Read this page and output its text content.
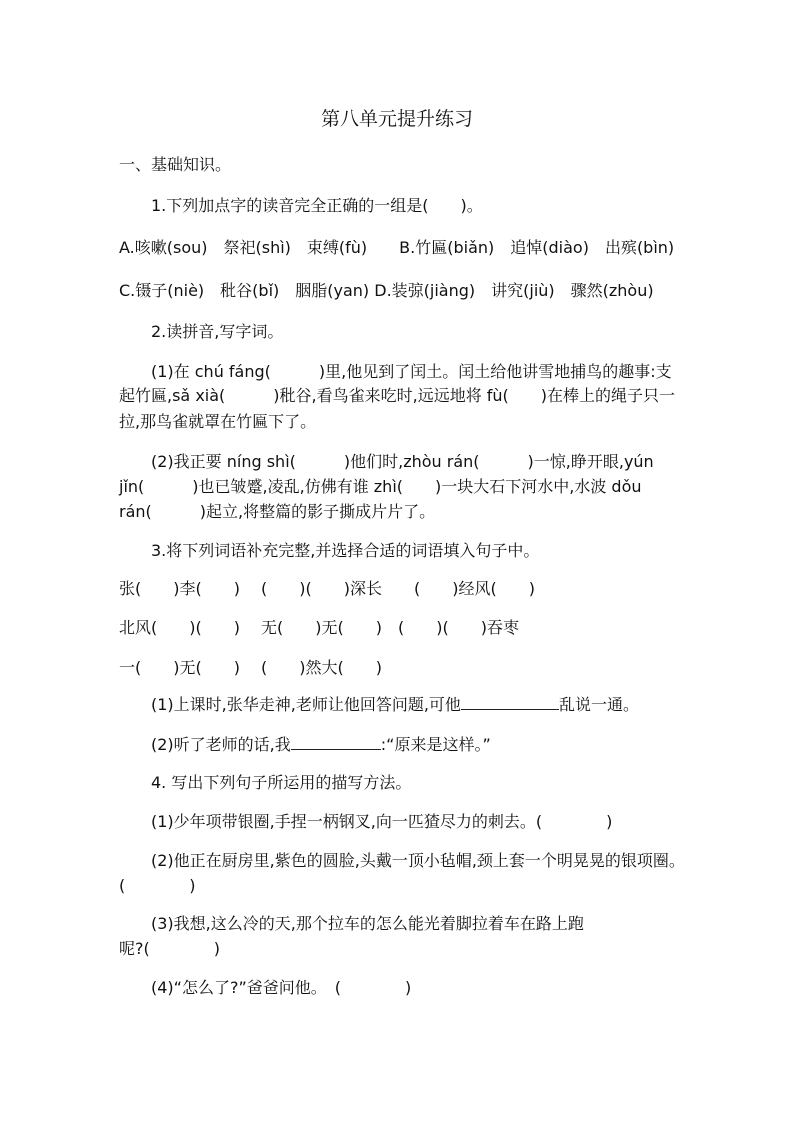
第八单元提升练习
一、基础知识。
1.下列加点字的读音完全正确的一组是(　　)。
A.咳嗽(sou)　祭祀(shì)　束缚(fù)　　B.竹匾(biǎn)　追悼(diào)　出殡(bìn)
C.镊子(niè)　秕谷(bǐ)　胭脂(yan) D.装弶(jiàng)　讲究(jiù)　骤然(zhòu)
2.读拼音,写字词。
(1)在 chú fáng(　　　)里,他见到了闰土。闰土给他讲雪地捕鸟的趣事:支
起竹匾,sǎ xià(　　　)秕谷,看鸟雀来吃时,远远地将 fù(　　)在棒上的绳子只一
拉,那鸟雀就罩在竹匾下了。
(2)我正要 níng shì(　　　)他们时,zhòu rán(　　　)一惊,睁开眼,yún
jǐn(　　　)也已皱蹙,凌乱,仿佛有谁 zhì(　　)一块大石下河水中,水波 dǒu
rán(　　　)起立,将整篇的影子撕成片片了。
3.将下列词语补充完整,并选择合适的词语填入句子中。
张(　　)李(　　)　 (　　)(　　)深长　　(　　)经风(　　)
北风(　　)(　　)　 无(　　)无(　　)　(　　)(　　)吞枣
一(　　)无(　　)　 (　　)然大(　　)
(1)上课时,张华走神,老师让他回答问题,可他	乱说一通。
(2)听了老师的话,我	:“原来是这样。”
4. 写出下列句子所运用的描写方法。
(1)少年项带银圈,手捏一柄钢叉,向一匹猹尽力的刺去。(　　　　)
(2)他正在厨房里,紫色的圆脸,头戴一顶小毡帽,颈上套一个明晃晃的银项圈。
(　　　　)
(3)我想,这么冷的天,那个拉车的怎么能光着脚拉着车在路上跑
呢?(　　　　)
(4)“怎么了?”爸爸问他。　(　　　　)
